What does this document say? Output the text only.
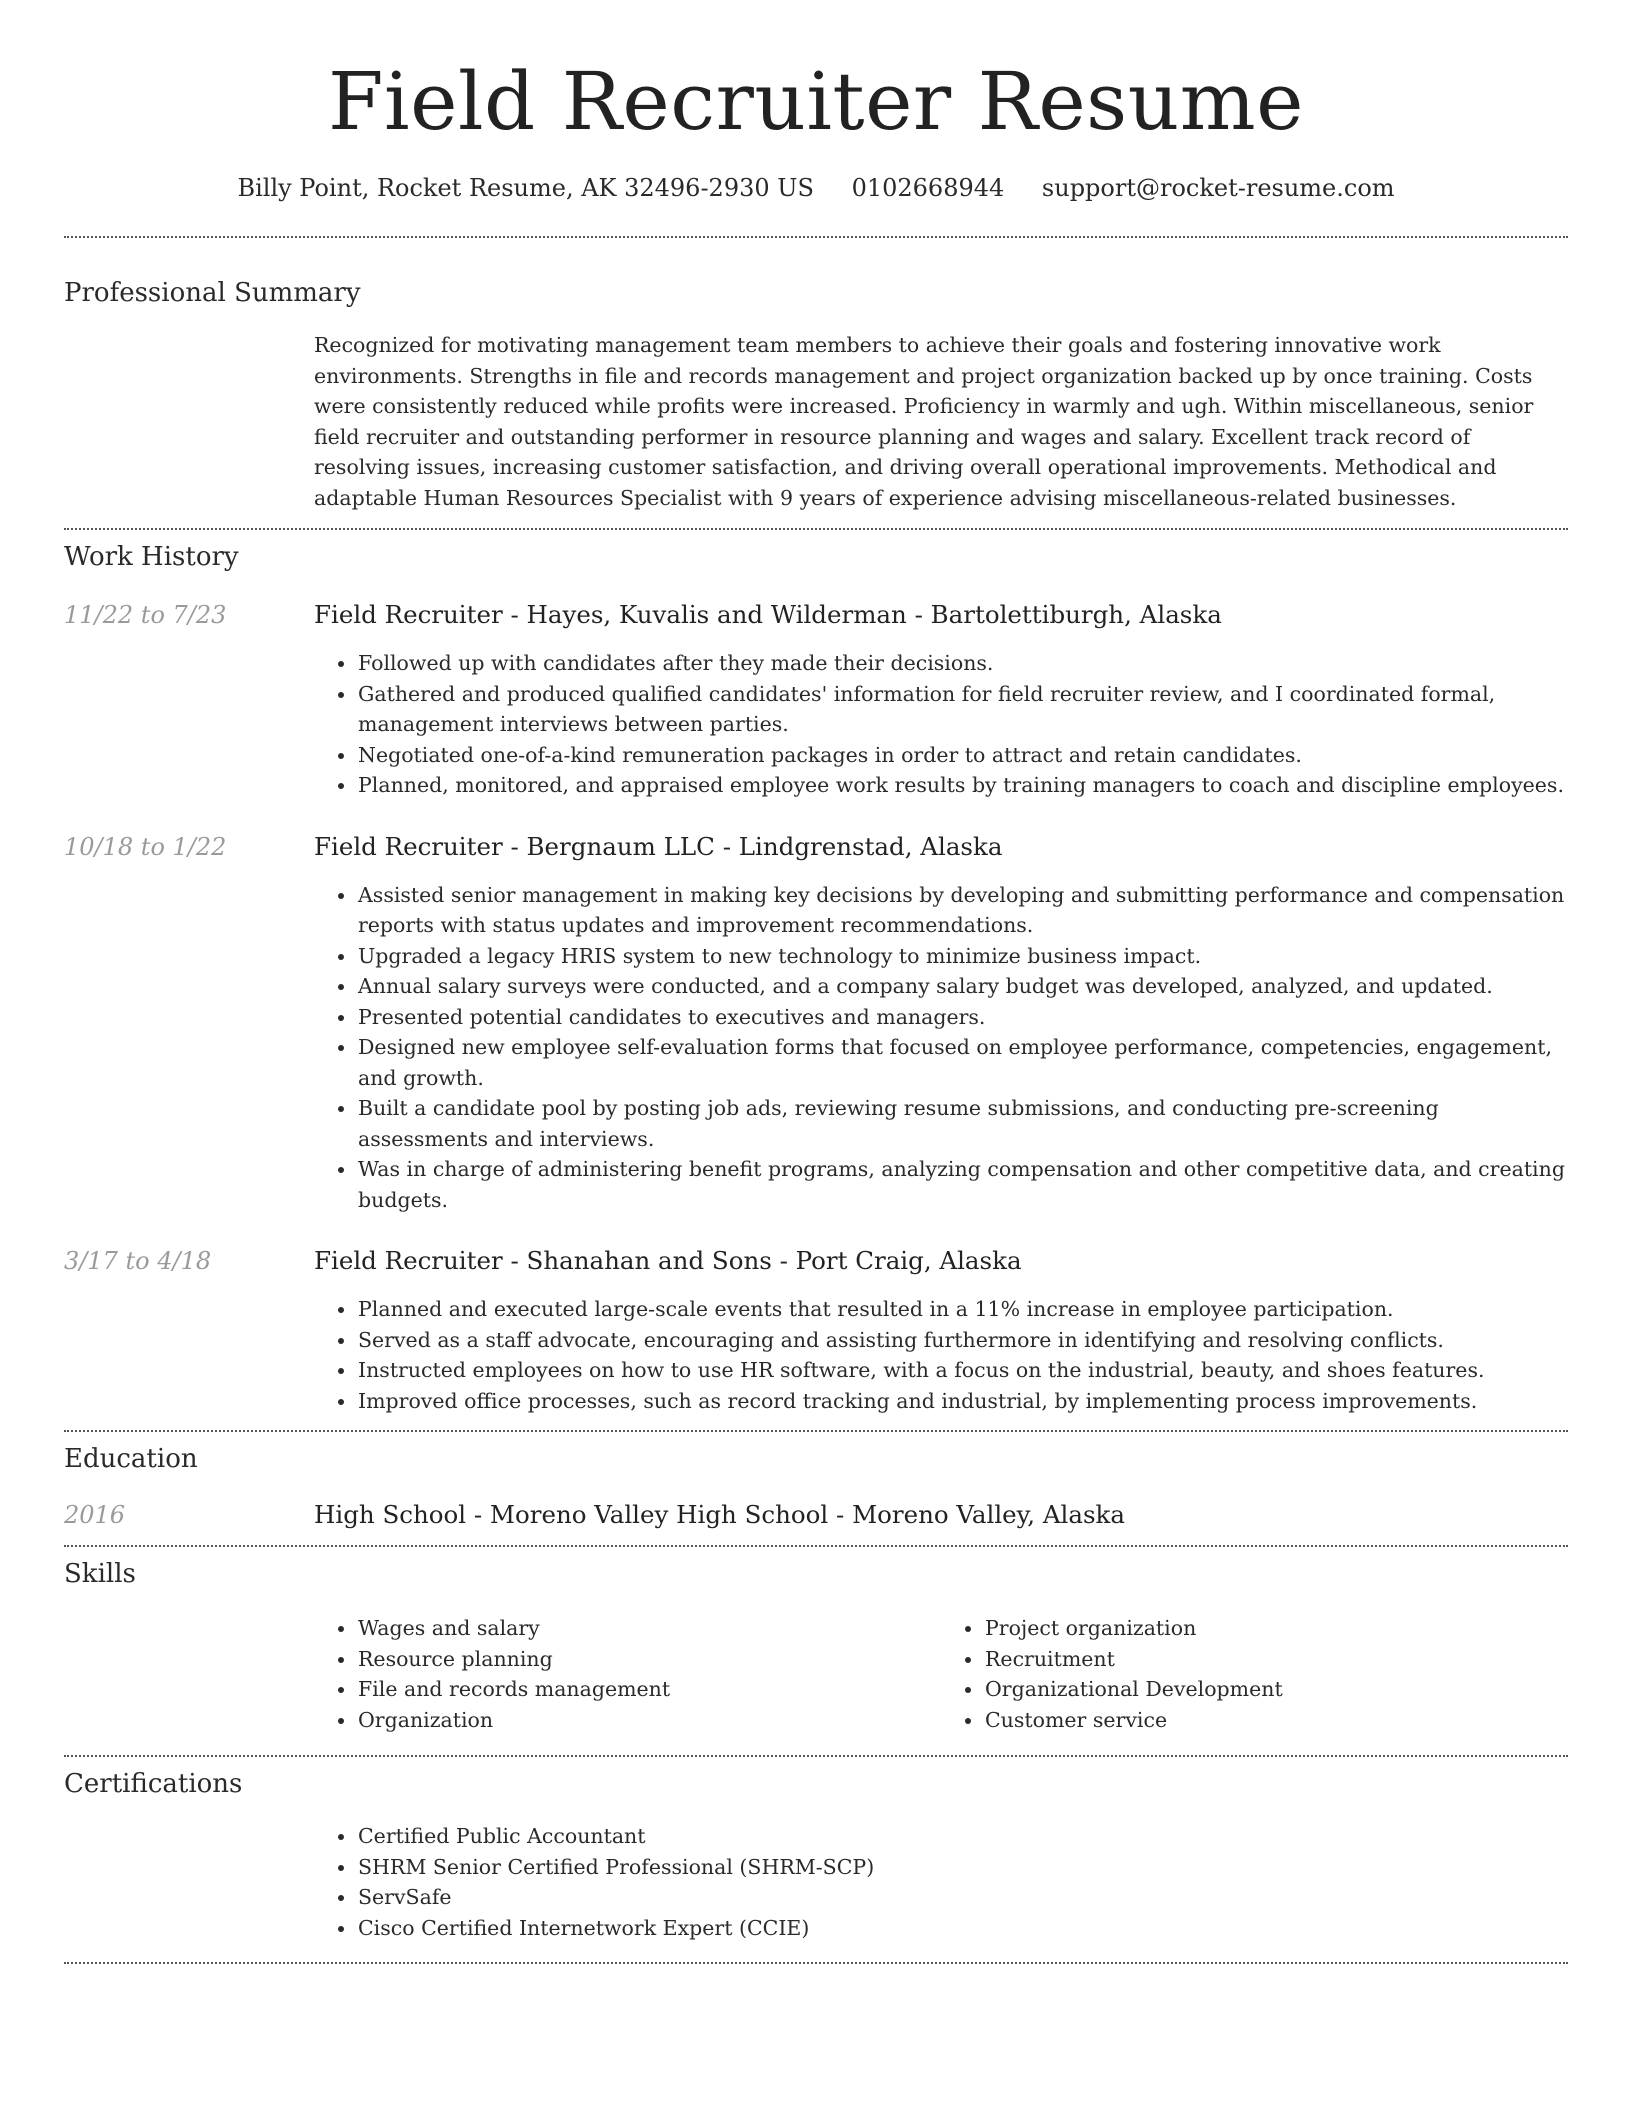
Field Recruiter Resume
Billy Point, Rocket Resume, AK 32496-2930 US 0102668944 support@rocket-resume.com
Professional Summary
Recognized for motivating management team members to achieve their goals and fostering innovative work environments. Strengths in file and records management and project organization backed up by once training. Costs were consistently reduced while profits were increased. Proficiency in warmly and ugh. Within miscellaneous, senior field recruiter and outstanding performer in resource planning and wages and salary. Excellent track record of resolving issues, increasing customer satisfaction, and driving overall operational improvements. Methodical and adaptable Human Resources Specialist with 9 years of experience advising miscellaneous-related businesses.
Work History
11/22 to 7/23	Field Recruiter - Hayes, Kuvalis and Wilderman - Bartolettiburgh, Alaska
• Followed up with candidates after they made their decisions.
• Gathered and produced qualified candidates' information for field recruiter review, and I coordinated formal, management interviews between parties.
• Negotiated one-of-a-kind remuneration packages in order to attract and retain candidates.
• Planned, monitored, and appraised employee work results by training managers to coach and discipline employees.
10/18 to 1/22	Field Recruiter - Bergnaum LLC - Lindgrenstad, Alaska
• Assisted senior management in making key decisions by developing and submitting performance and compensation reports with status updates and improvement recommendations.
• Upgraded a legacy HRIS system to new technology to minimize business impact.
• Annual salary surveys were conducted, and a company salary budget was developed, analyzed, and updated.
• Presented potential candidates to executives and managers.
• Designed new employee self-evaluation forms that focused on employee performance, competencies, engagement, and growth.
• Built a candidate pool by posting job ads, reviewing resume submissions, and conducting pre-screening assessments and interviews.
• Was in charge of administering benefit programs, analyzing compensation and other competitive data, and creating budgets.
3/17 to 4/18	Field Recruiter - Shanahan and Sons - Port Craig, Alaska
• Planned and executed large-scale events that resulted in a 11% increase in employee participation.
• Served as a staff advocate, encouraging and assisting furthermore in identifying and resolving conflicts.
• Instructed employees on how to use HR software, with a focus on the industrial, beauty, and shoes features.
• Improved office processes, such as record tracking and industrial, by implementing process improvements.
Education
2016	High School - Moreno Valley High School - Moreno Valley, Alaska
Skills
• Wages and salary
• Resource planning
• File and records management
• Organization
• Project organization
• Recruitment
• Organizational Development
• Customer service
Certifications
• Certified Public Accountant
• SHRM Senior Certified Professional (SHRM-SCP)
• ServSafe
• Cisco Certified Internetwork Expert (CCIE)
